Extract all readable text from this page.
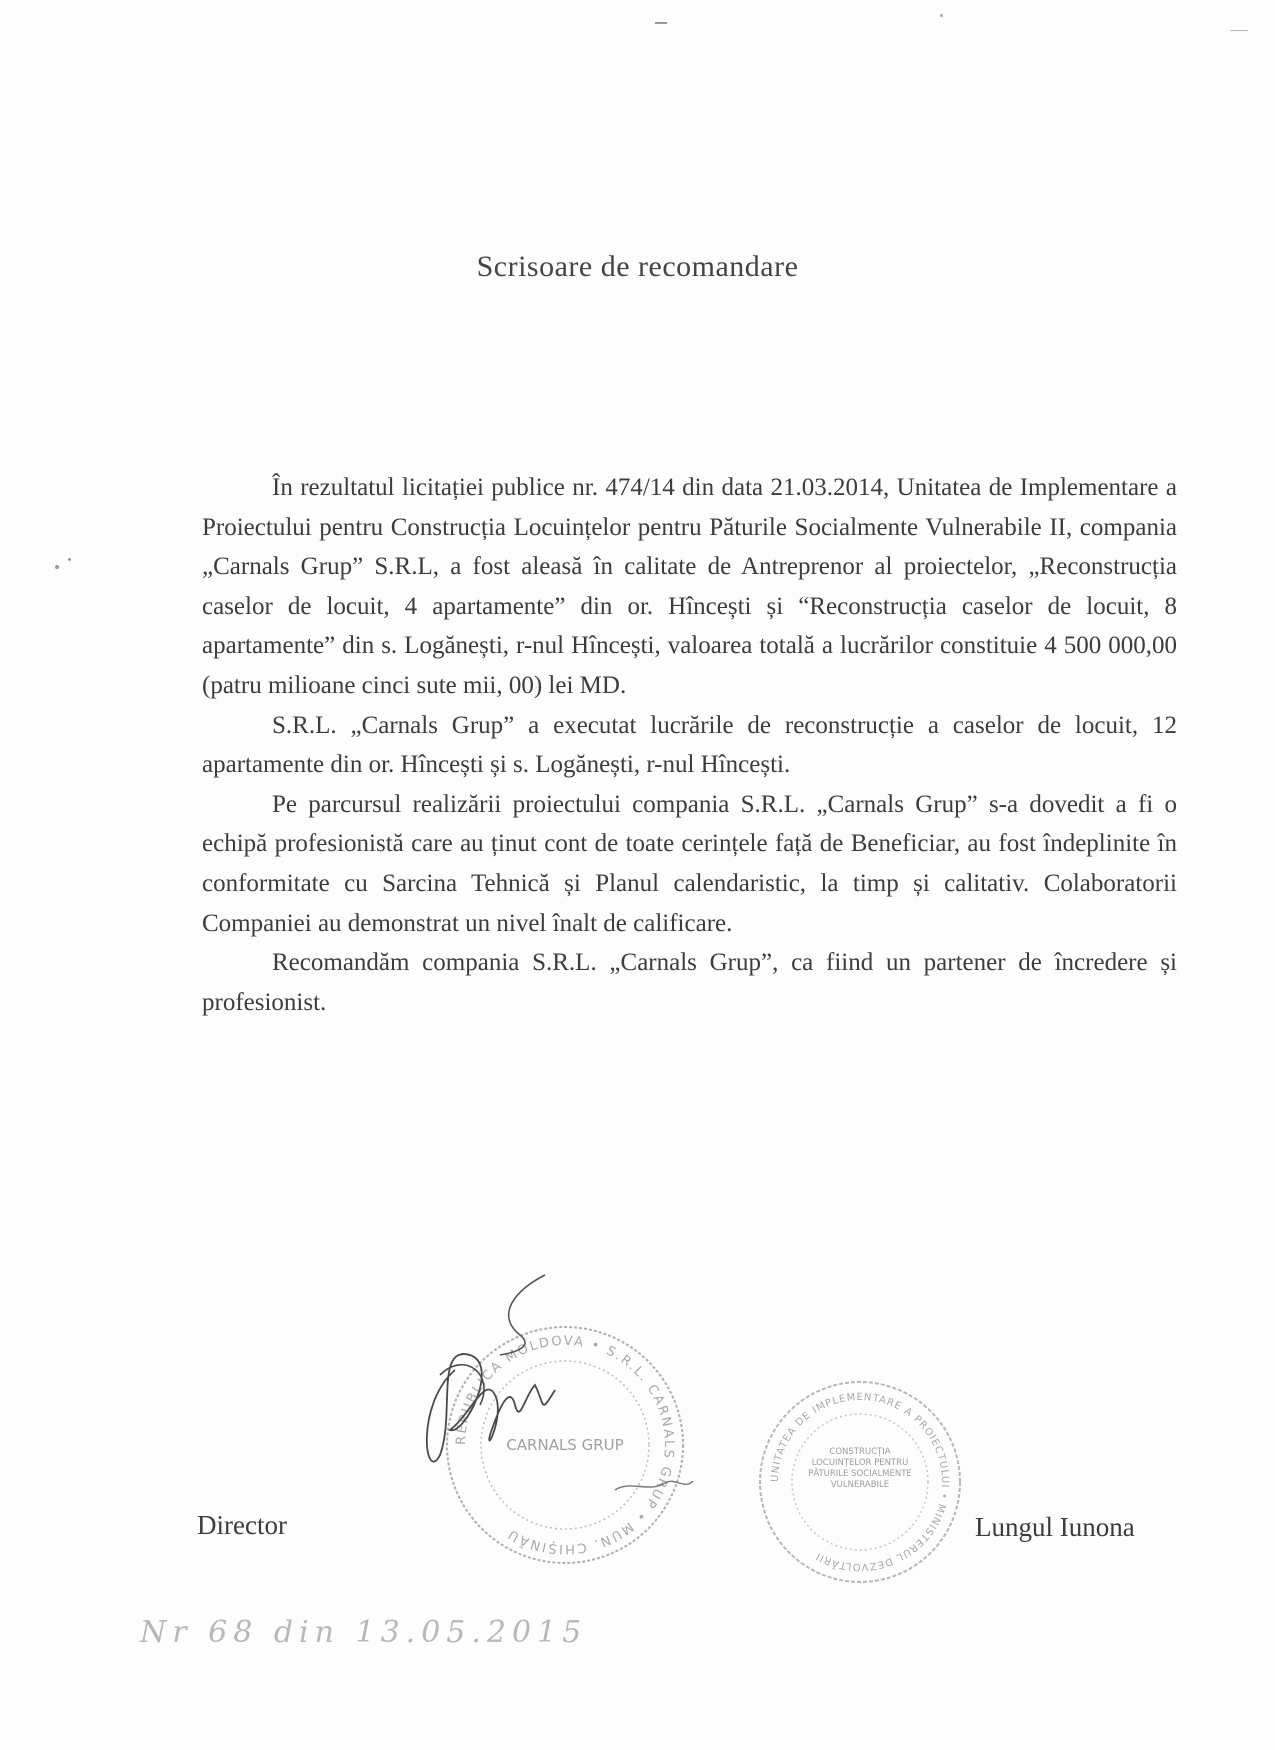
Scrisoare de recomandare

În rezultatul licitației publice nr. 474/14 din data 21.03.2014, Unitatea de Implementare a Proiectului pentru Construcția Locuințelor pentru Păturile Socialmente Vulnerabile II, compania „Carnals Grup” S.R.L, a fost aleasă în calitate de Antreprenor al proiectelor, „Reconstrucția caselor de locuit, 4 apartamente” din or. Hîncești și “Reconstrucția caselor de locuit, 8 apartamente” din s. Logănești, r-nul Hîncești, valoarea totală a lucrărilor constituie 4 500 000,00 (patru milioane cinci sute mii, 00) lei MD.

S.R.L. „Carnals Grup” a executat lucrările de reconstrucție a caselor de locuit, 12 apartamente din or. Hîncești și s. Logănești, r-nul Hîncești.

Pe parcursul realizării proiectului compania S.R.L. „Carnals Grup” s-a dovedit a fi o echipă profesionistă care au ținut cont de toate cerințele față de Beneficiar, au fost îndeplinite în conformitate cu Sarcina Tehnică și Planul calendaristic, la timp și calitativ. Colaboratorii Companiei au demonstrat un nivel înalt de calificare.

Recomandăm compania S.R.L. „Carnals Grup”, ca fiind un partener de încredere și profesionist.

REPUBLICA MOLDOVA • S.R.L. CARNALS GRUP • MUN. CHIȘINĂU
CARNALS GRUP
UNITATEA DE IMPLEMENTARE A PROIECTULUI • MINISTERUL DEZVOLTĂRII
CONSTRUCȚIA LOCUINȚELOR PENTRU PĂTURILE SOCIALMENTE VULNERABILE
Director	Lungul Iunona
Nr 68 din 13.05.2015
